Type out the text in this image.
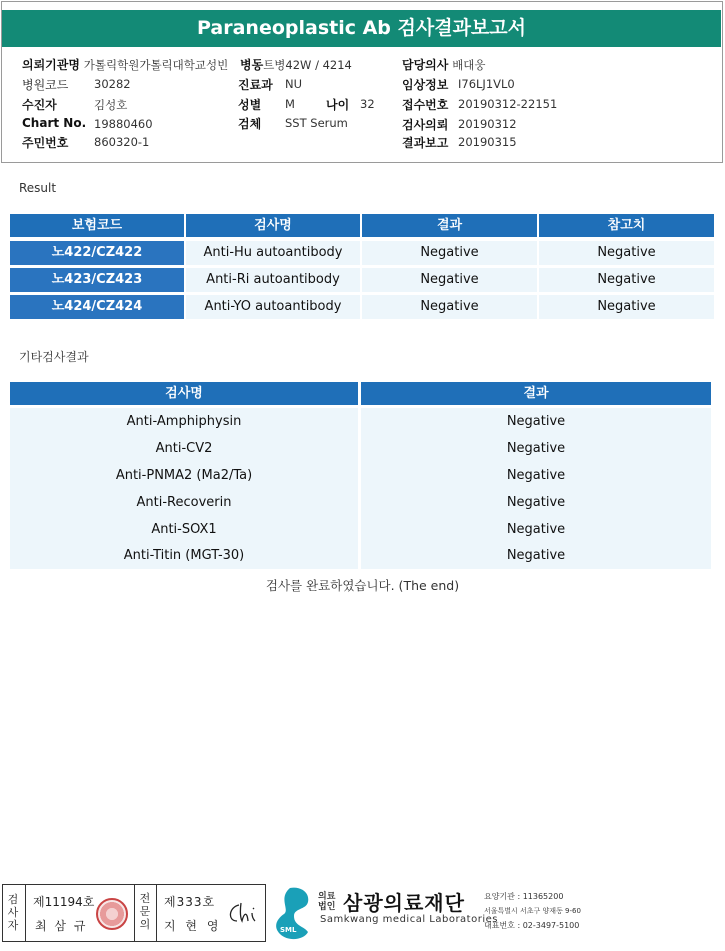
Paraneoplastic Ab 검사결과보고서
의뢰기관명 가톨릭학원가톨릭대학교성빈 병동트병42W / 4214	담당의사 배대웅
병원코드 30282	진료과 NU	임상정보 I76LJ1VL0
수진자	김성호	성별 M	나이 32 접수번호 20190312-22151
Chart No. 19880460	검체 SST Serum	검사의뢰 20190312
주민번호 860320-1	결과보고 20190315
Result
보험코드	검사명	결과	참고치
노422/CZ422	Anti-Hu autoantibody	Negative	Negative
노423/CZ423	Anti-Ri autoantibody	Negative	Negative
노424/CZ424	Anti-YO autoantibody	Negative	Negative
기타검사결과
검사명	결과
Anti-Amphiphysin	Negative
Anti-CV2	Negative
Anti-PNMA2 (Ma2/Ta)	Negative
Anti-Recoverin	Negative
Anti-SOX1	Negative
Anti-Titin (MGT-30)	Negative
검사를 완료하였습니다. (The end)
검사자
제11194호
최 삼 규
전문의
제333호
지 현 영	SML
의료법인 삼광의료재단
Samkwang medical Laboratories
요양기관 : 11365200
서울특별시 서초구 양재동 9-60
대표번호 : 02-3497-5100
